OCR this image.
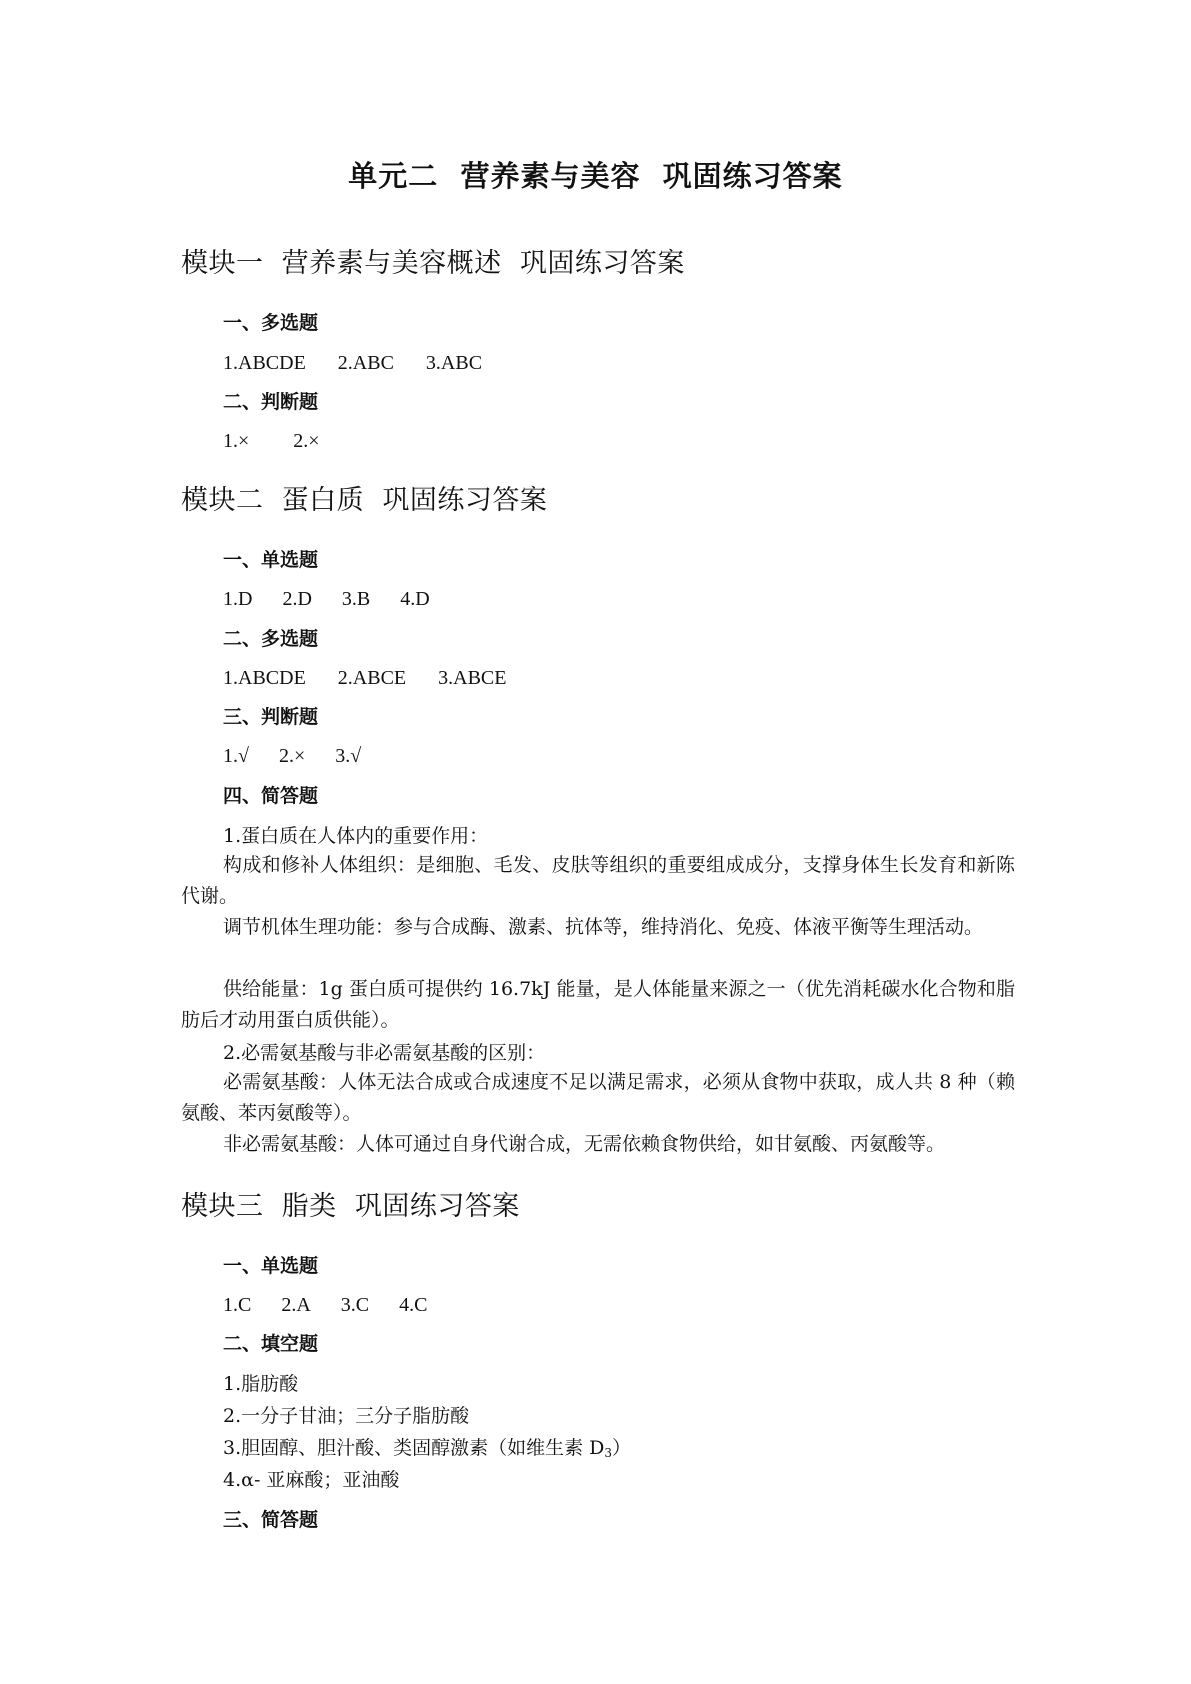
单元二  营养素与美容  巩固练习答案
模块一  营养素与美容概述  巩固练习答案
一、多选题
1.ABCDE 2.ABC 3.ABC
二、判断题
1.× 2.×
模块二  蛋白质  巩固练习答案
一、单选题
1.D 2.D 3.B 4.D
二、多选题
1.ABCDE 2.ABCE 3.ABCE
三、判断题
1.√ 2.× 3.√
四、简答题
1.蛋白质在人体内的重要作用：
构成和修补人体组织：是细胞、毛发、皮肤等组织的重要组成成分，支撑身体生长发育和新陈代谢。
调节机体生理功能：参与合成酶、激素、抗体等，维持消化、免疫、体液平衡等生理活动。
供给能量：1g 蛋白质可提供约 16.7kJ 能量，是人体能量来源之一（优先消耗碳水化合物和脂肪后才动用蛋白质供能）。
2.必需氨基酸与非必需氨基酸的区别：
必需氨基酸：人体无法合成或合成速度不足以满足需求，必须从食物中获取，成人共 8 种（赖氨酸、苯丙氨酸等）。
非必需氨基酸：人体可通过自身代谢合成，无需依赖食物供给，如甘氨酸、丙氨酸等。
模块三  脂类  巩固练习答案
一、单选题
1.C 2.A 3.C 4.C
二、填空题
1.脂肪酸
2.一分子甘油；三分子脂肪酸
3.胆固醇、胆汁酸、类固醇激素（如维生素 $D_3$）
4.α- 亚麻酸；亚油酸
三、简答题
